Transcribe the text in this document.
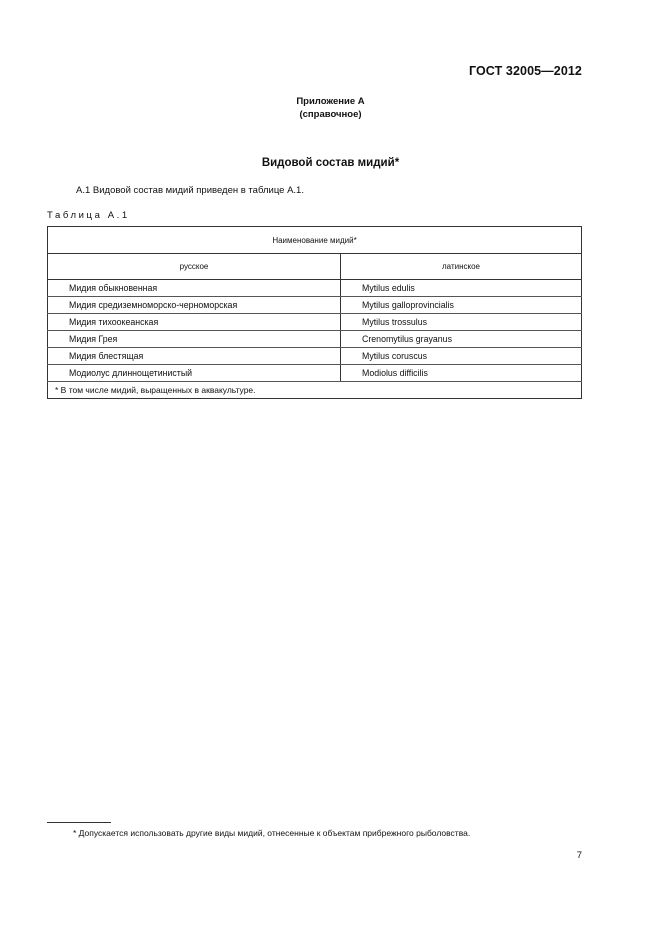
ГОСТ 32005—2012
Приложение А
(справочное)
Видовой состав мидий*
А.1 Видовой состав мидий приведен в таблице А.1.
Таблица А.1
Наименование мидий*	
русское	латинское
Мидия обыкновенная	Mytilus edulis
Мидия средиземноморско-черноморская	Mytilus galloprovincialis
Мидия тихоокеанская	Mytilus trossulus
Мидия Грея	Crenomytilus grayanus
Мидия блестящая	Mytilus coruscus
Модиолус длиннощетинистый	Modiolus difficilis
* В том числе мидий, выращенных в аквакультуре.	
* Допускается использовать другие виды мидий, отнесенные к объектам прибрежного рыболовства.
7
